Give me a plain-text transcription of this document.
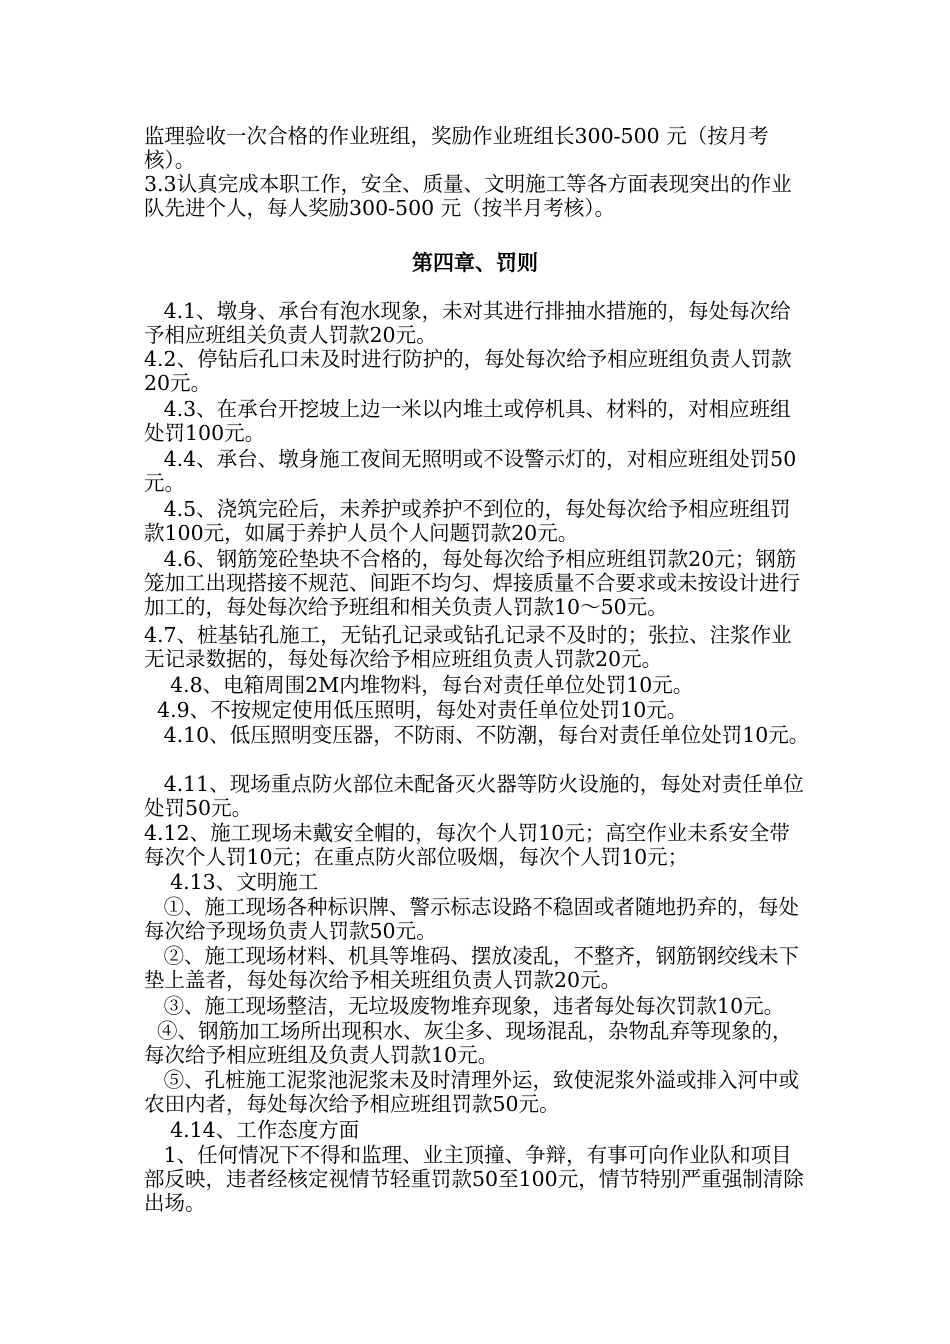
监理验收一次合格的作业班组，奖励作业班组长300-500 元（按月考核）。
3.3认真完成本职工作，安全、质量、文明施工等各方面表现突出的作业队先进个人，每人奖励300-500 元（按半月考核）。
第四章、罚则
4.1、墩身、承台有泡水现象，未对其进行排抽水措施的，每处每次给予相应班组关负责人罚款20元。
4.2、停钻后孔口未及时进行防护的，每处每次给予相应班组负责人罚款20元。
4.3、在承台开挖坡上边一米以内堆土或停机具、材料的，对相应班组处罚100元。
4.4、承台、墩身施工夜间无照明或不设警示灯的，对相应班组处罚50元。
4.5、浇筑完砼后，未养护或养护不到位的，每处每次给予相应班组罚款100元，如属于养护人员个人问题罚款20元。
4.6、钢筋笼砼垫块不合格的，每处每次给予相应班组罚款20元；钢筋笼加工出现搭接不规范、间距不均匀、焊接质量不合要求或未按设计进行加工的，每处每次给予班组和相关负责人罚款10～50元。
4.7、桩基钻孔施工，无钻孔记录或钻孔记录不及时的；张拉、注浆作业无记录数据的，每处每次给予相应班组负责人罚款20元。
4.8、电箱周围2M内堆物料，每台对责任单位处罚10元。
4.9、不按规定使用低压照明，每处对责任单位处罚10元。
4.10、低压照明变压器，不防雨、不防潮，每台对责任单位处罚10元。
4.11、现场重点防火部位未配备灭火器等防火设施的，每处对责任单位处罚50元。
4.12、施工现场未戴安全帽的，每次个人罚10元；高空作业未系安全带每次个人罚10元；在重点防火部位吸烟，每次个人罚10元；
4.13、文明施工
①、施工现场各种标识牌、警示标志设路不稳固或者随地扔弃的，每处每次给予现场负责人罚款50元。
②、施工现场材料、机具等堆码、摆放凌乱，不整齐，钢筋钢绞线未下垫上盖者，每处每次给予相关班组负责人罚款20元。
③、施工现场整洁，无垃圾废物堆弃现象，违者每处每次罚款10元。
④、钢筋加工场所出现积水、灰尘多、现场混乱，杂物乱弃等现象的，每次给予相应班组及负责人罚款10元。
⑤、孔桩施工泥浆池泥浆未及时清理外运，致使泥浆外溢或排入河中或农田内者，每处每次给予相应班组罚款50元。
4.14、工作态度方面
1、任何情况下不得和监理、业主顶撞、争辩，有事可向作业队和项目部反映，违者经核定视情节轻重罚款50至100元，情节特别严重强制清除出场。
